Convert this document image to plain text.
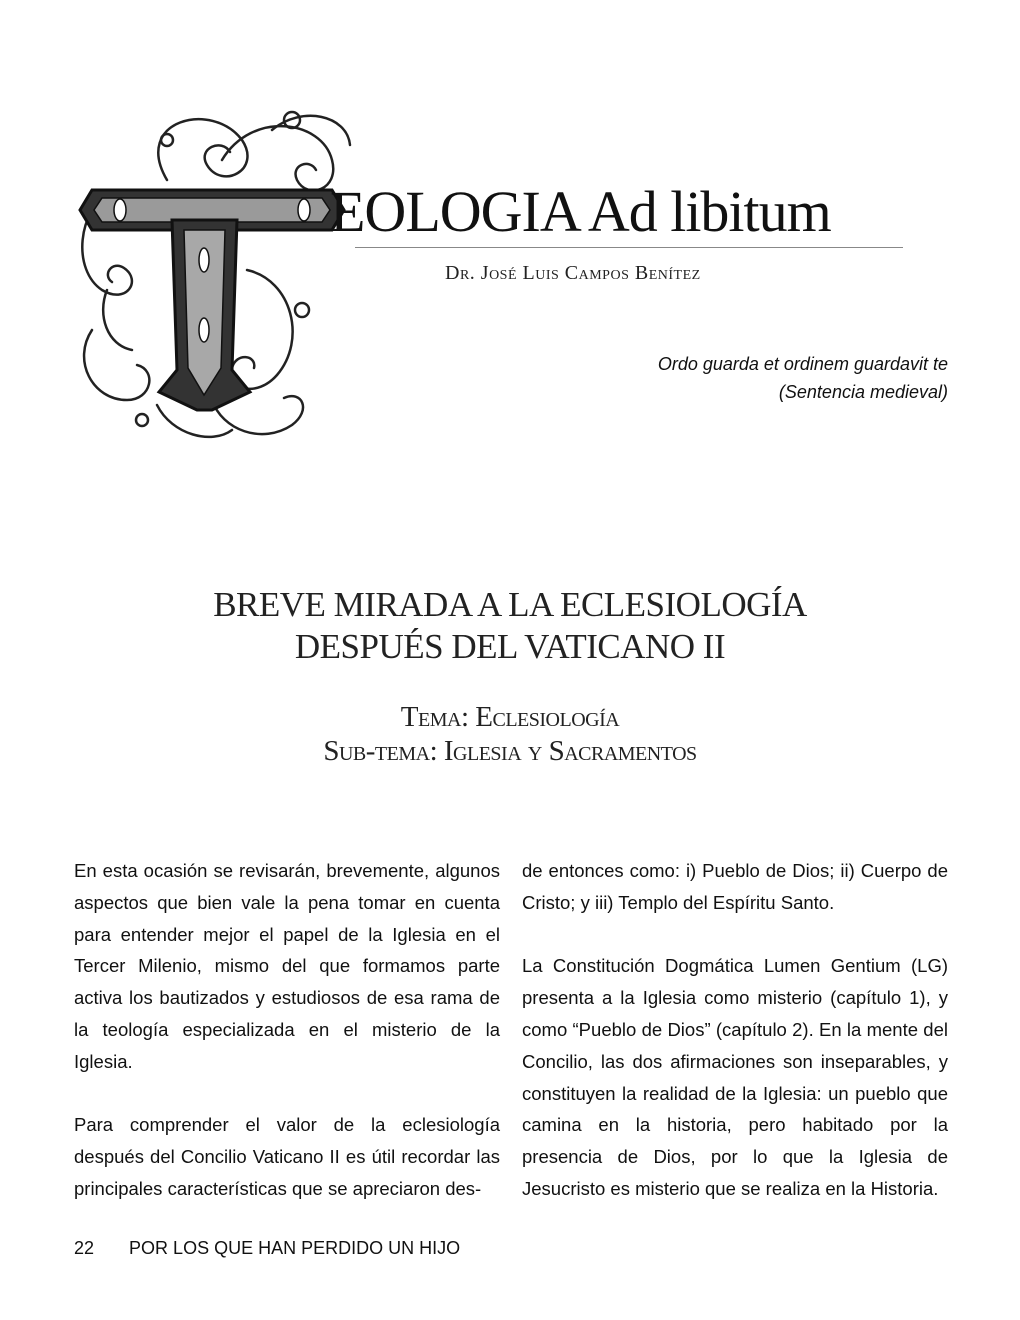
EOLOGIA Ad libitum
Dr. José Luis Campos Benítez
Ordo guarda et ordinem guardavit te
(Sentencia medieval)
BREVE MIRADA A LA ECLESIOLOGÍA
DESPUÉS DEL VATICANO II
Tema: Eclesiología
Sub-tema: Iglesia y Sacramentos

En esta ocasión se revisarán, brevemente, algunos aspectos que bien vale la pena tomar en cuenta para entender mejor el papel de la Iglesia en el Tercer Milenio, mismo del que formamos parte activa los bautizados y estudiosos de esa rama de la teología especializada en el misterio de la Iglesia.

Para comprender el valor de la eclesiología después del Concilio Vaticano II es útil recordar las principales características que se apreciaron des-

de entonces como: i) Pueblo de Dios; ii) Cuerpo de Cristo; y iii) Templo del Espíritu Santo.

La Constitución Dogmática Lumen Gentium (LG) presenta a la Iglesia como misterio (capítulo 1), y como “Pueblo de Dios” (capítulo 2). En la mente del Concilio, las dos afirmaciones son inseparables, y constituyen la realidad de la Iglesia: un pueblo que camina en la historia, pero habitado por la presencia de Dios, por lo que la Iglesia de Jesucristo es misterio que se realiza en la Historia.

22 POR LOS QUE HAN PERDIDO UN HIJO
